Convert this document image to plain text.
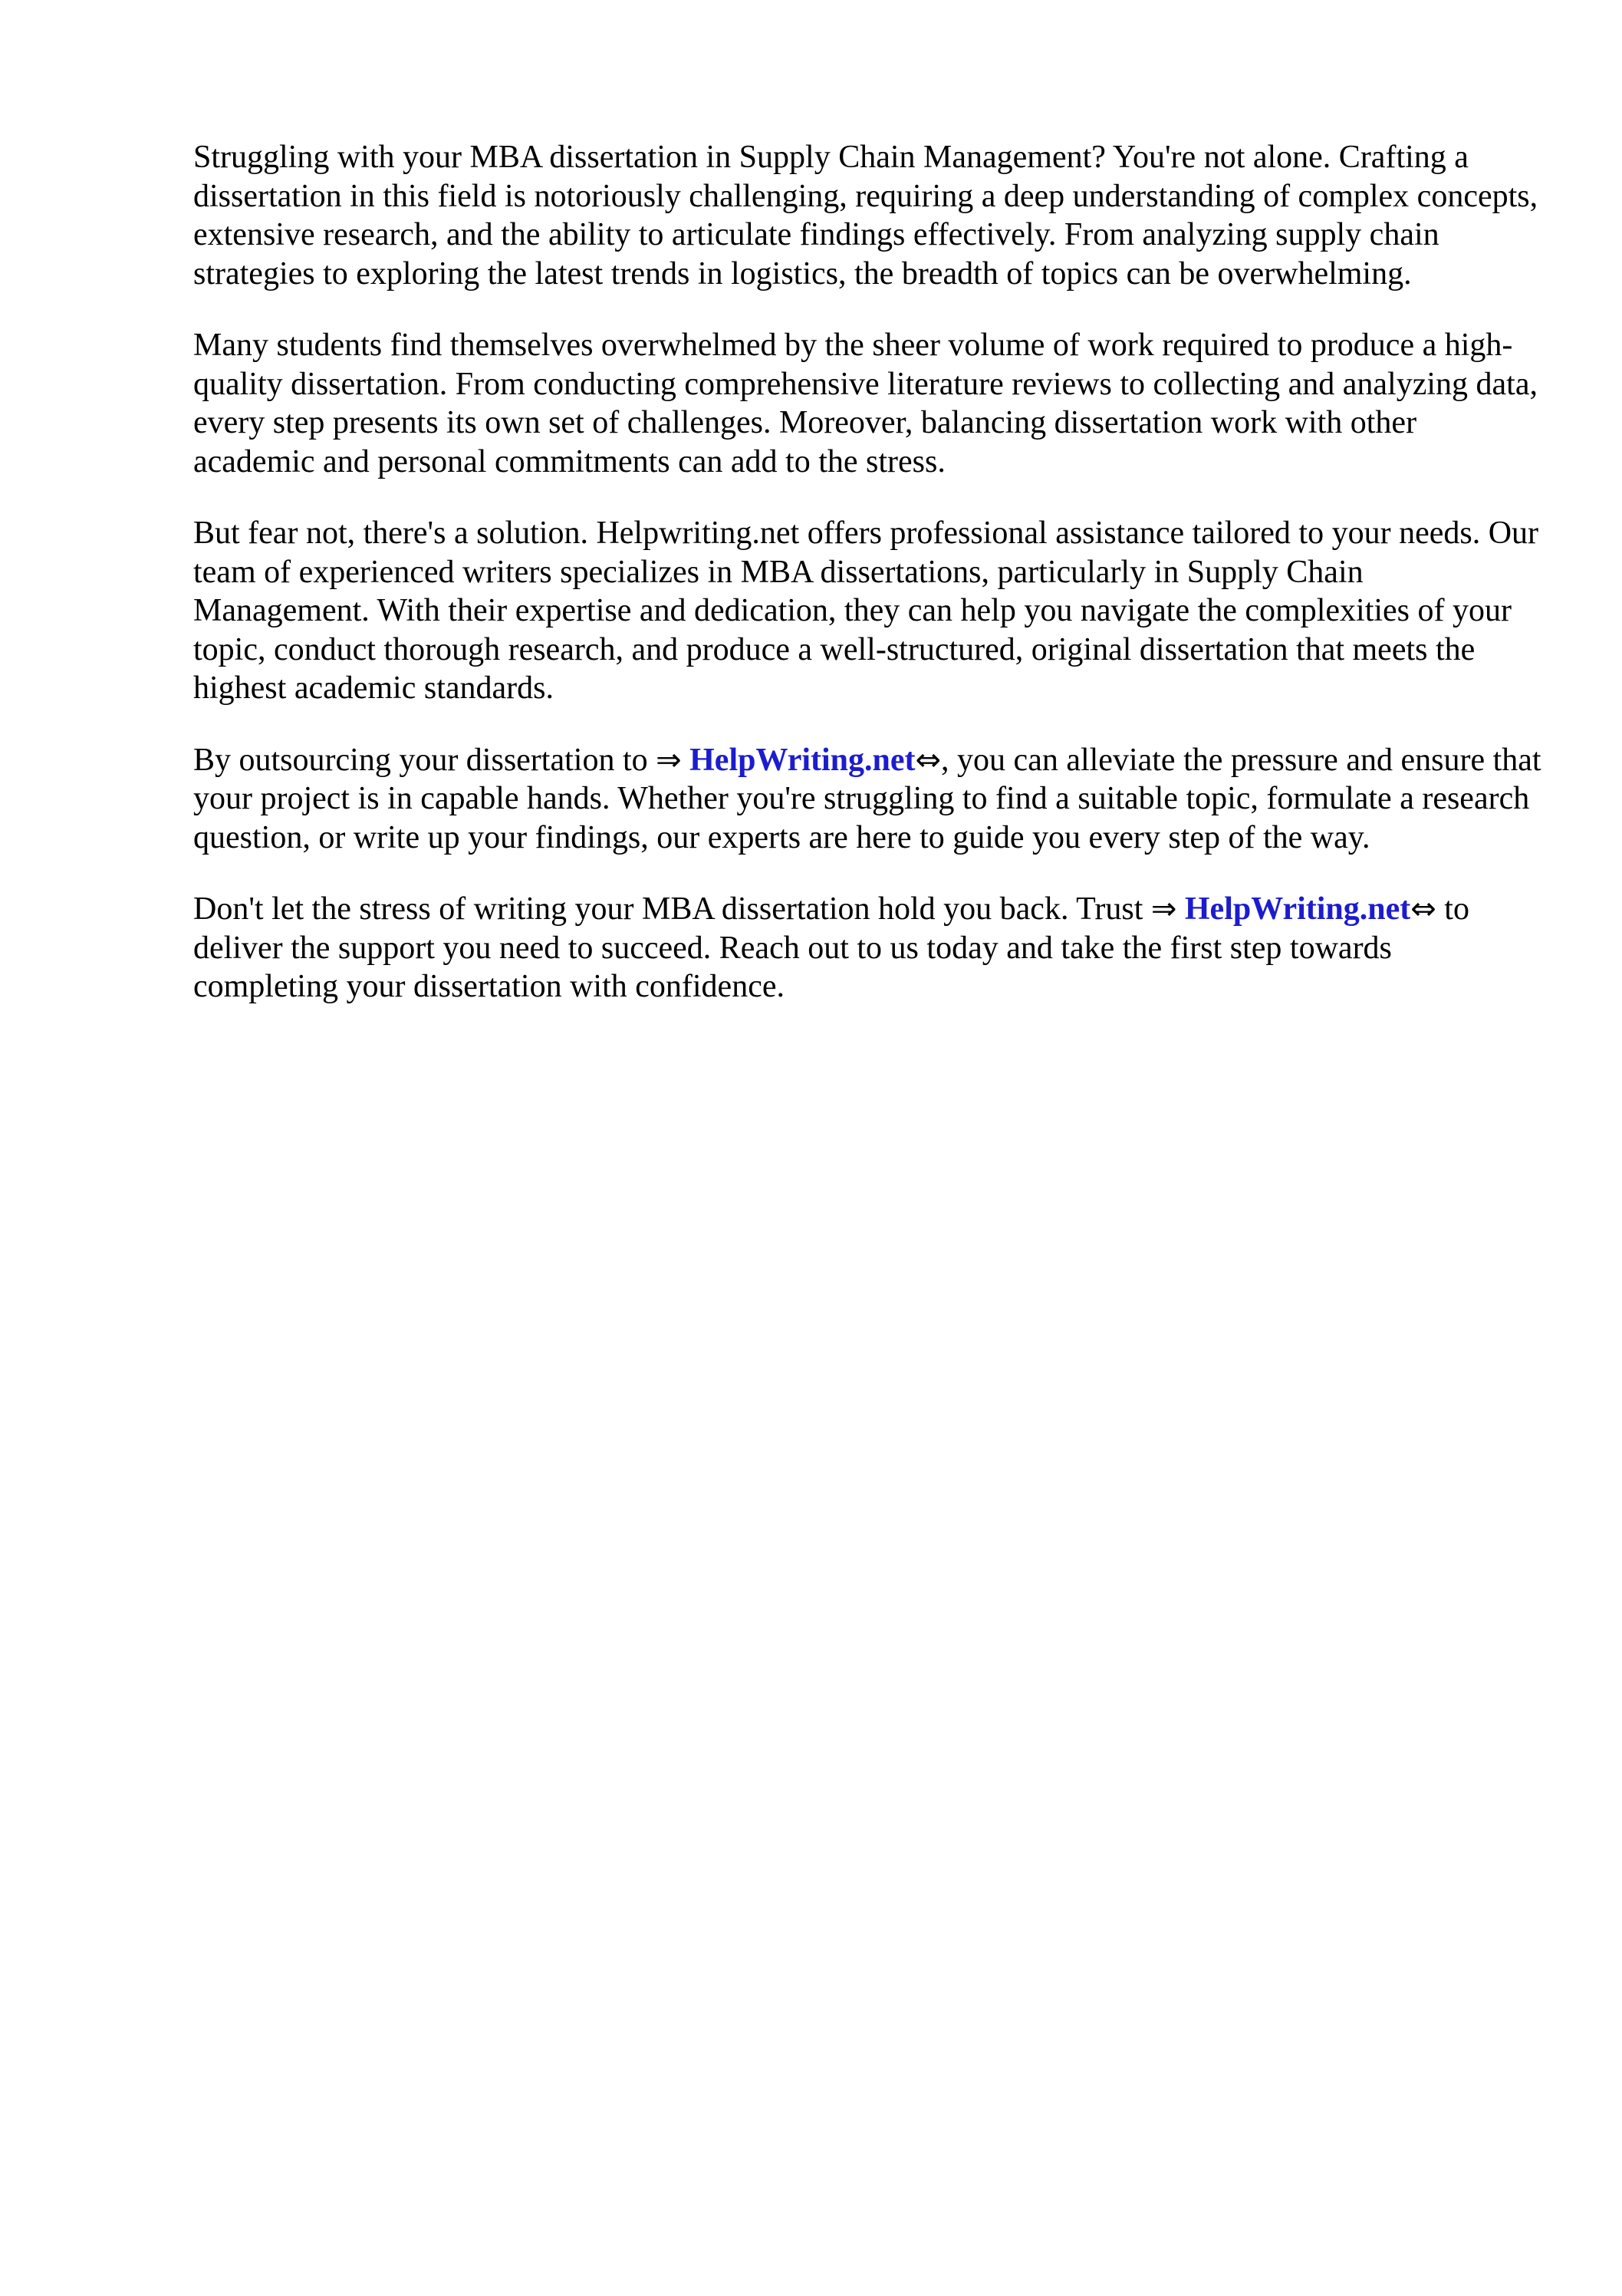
Struggling with your MBA dissertation in Supply Chain Management? You're not alone. Crafting a dissertation in this field is notoriously challenging, requiring a deep understanding of complex concepts, extensive research, and the ability to articulate findings effectively. From analyzing supply chain strategies to exploring the latest trends in logistics, the breadth of topics can be overwhelming.

Many students find themselves overwhelmed by the sheer volume of work required to produce a high-quality dissertation. From conducting comprehensive literature reviews to collecting and analyzing data, every step presents its own set of challenges. Moreover, balancing dissertation work with other academic and personal commitments can add to the stress.

But fear not, there's a solution. Helpwriting.net offers professional assistance tailored to your needs. Our team of experienced writers specializes in MBA dissertations, particularly in Supply Chain Management. With their expertise and dedication, they can help you navigate the complexities of your topic, conduct thorough research, and produce a well-structured, original dissertation that meets the highest academic standards.

By outsourcing your dissertation to ⇒ HelpWriting.net⇔, you can alleviate the pressure and ensure that your project is in capable hands. Whether you're struggling to find a suitable topic, formulate a research question, or write up your findings, our experts are here to guide you every step of the way.

Don't let the stress of writing your MBA dissertation hold you back. Trust ⇒ HelpWriting.net⇔ to deliver the support you need to succeed. Reach out to us today and take the first step towards completing your dissertation with confidence.
